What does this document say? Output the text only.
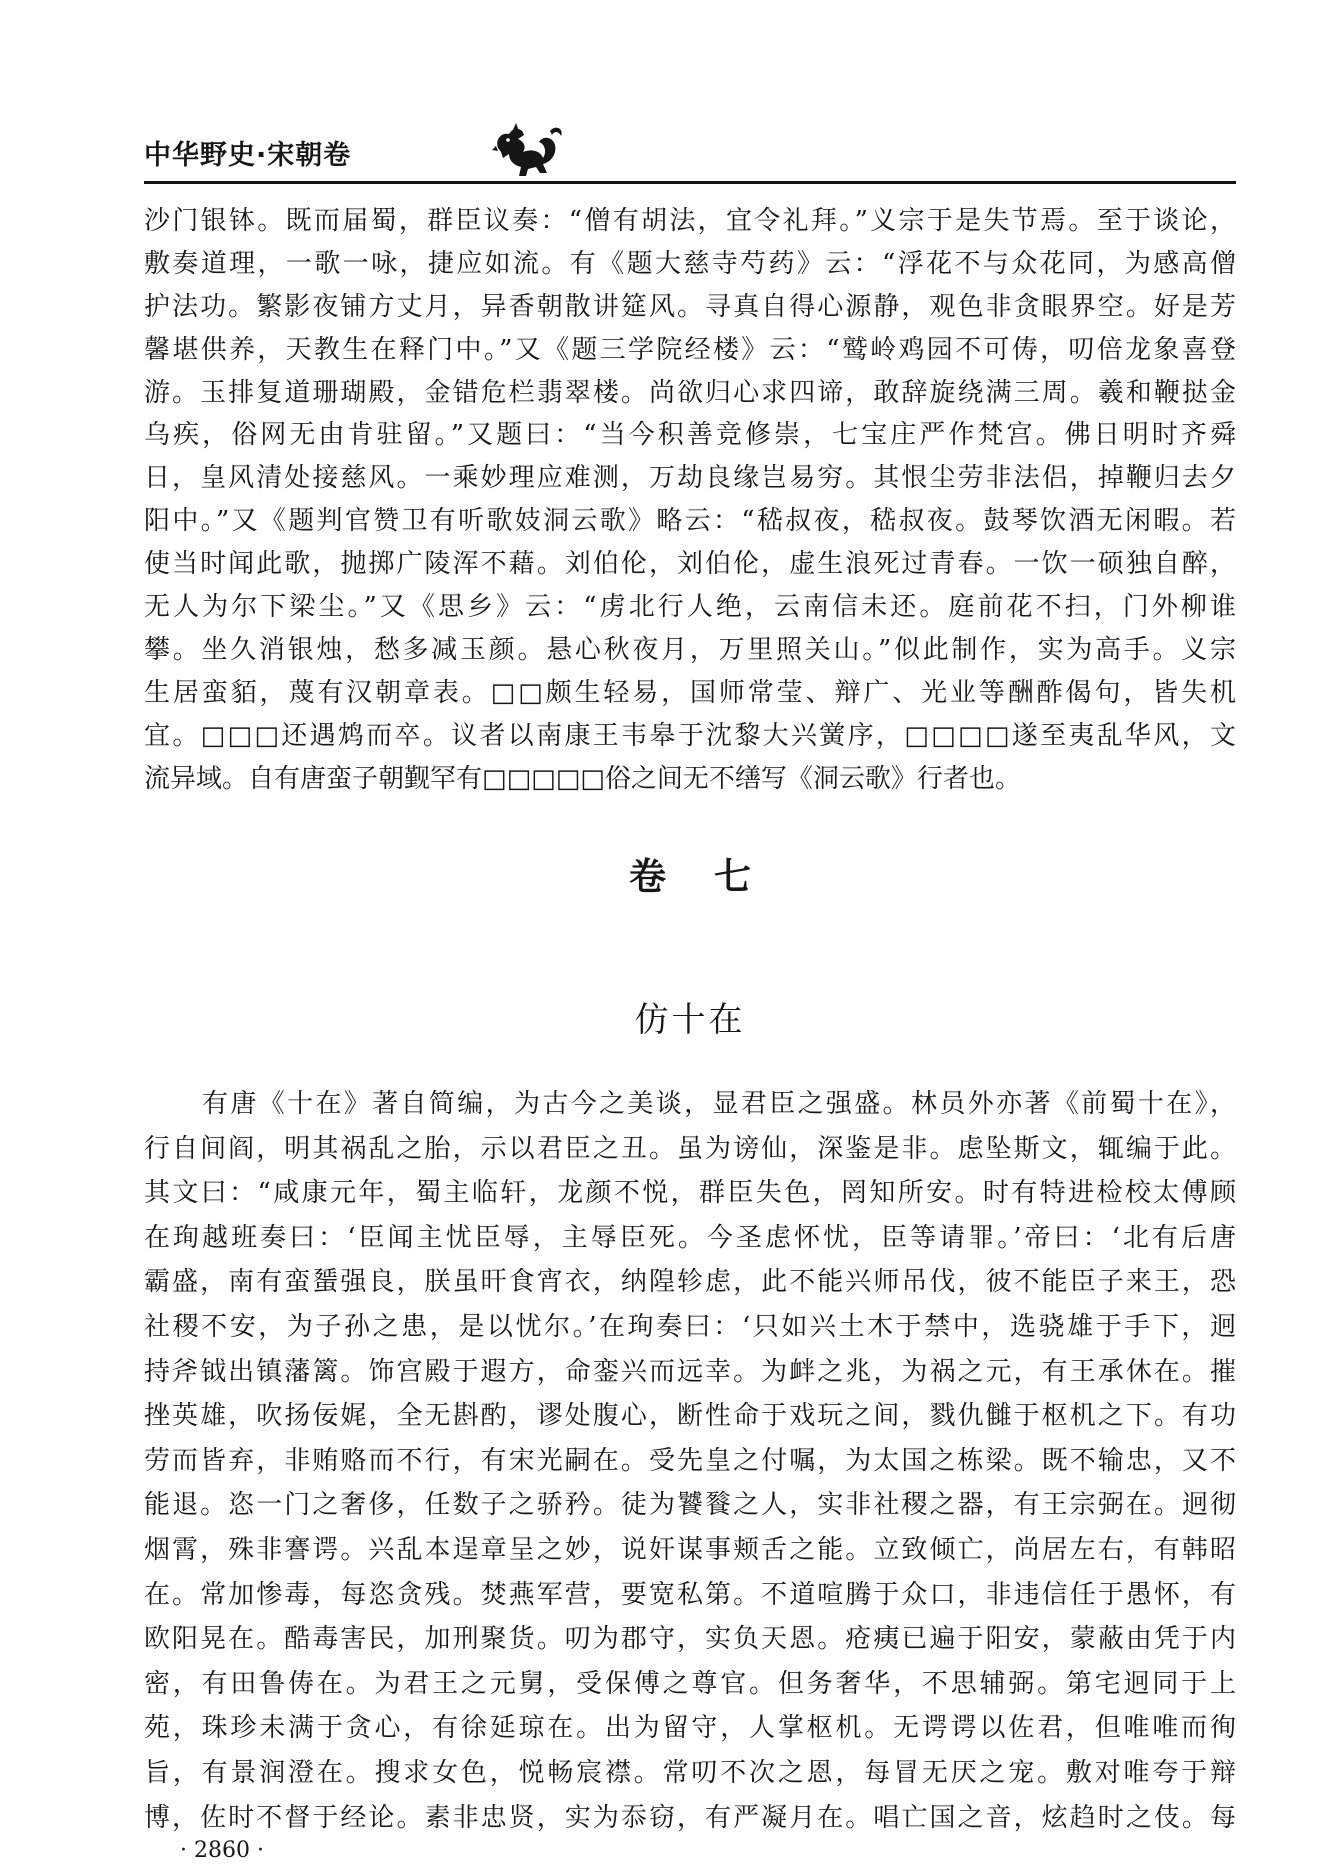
中华野史·宋朝卷
沙门银钵。既而届蜀，群臣议奏：“僧有胡法，宜令礼拜。”义宗于是失节焉。至于谈论，
敷奏道理，一歌一咏，捷应如流。有《题大慈寺芍药》云：“浮花不与众花同，为感高僧
护法功。繁影夜铺方丈月，异香朝散讲筵风。寻真自得心源静，观色非贪眼界空。好是芳
馨堪供养，天教生在释门中。”又《题三学院经楼》云：“鹫岭鸡园不可俦，叨倍龙象喜登
游。玉排复道珊瑚殿，金错危栏翡翠楼。尚欲归心求四谛，敢辞旋绕满三周。羲和鞭挞金
乌疾，俗网无由肯驻留。”又题曰：“当今积善竞修崇，七宝庄严作梵宫。佛日明时齐舜
日，皇风清处接慈风。一乘妙理应难测，万劫良缘岂易穷。其恨尘劳非法侣，掉鞭归去夕
阳中。”又《题判官赞卫有听歌妓洞云歌》略云：“嵇叔夜，嵇叔夜。鼓琴饮酒无闲暇。若
使当时闻此歌，抛掷广陵浑不藉。刘伯伦，刘伯伦，虚生浪死过青春。一饮一硕独自醉，
无人为尔下梁尘。”又《思乡》云：“虏北行人绝，云南信未还。庭前花不扫，门外柳谁
攀。坐久消银烛，愁多减玉颜。悬心秋夜月，万里照关山。”似此制作，实为高手。义宗
生居蛮貊，蔑有汉朝章表。□□颇生轻易，国师常莹、辩广、光业等酬酢偈句，皆失机
宜。□□□还遇鸩而卒。议者以南康王韦皋于沈黎大兴黉序，□□□□遂至夷乱华风，文
流异域。自有唐蛮子朝觐罕有□□□□□俗之间无不缮写《洞云歌》行者也。
卷七
仿十在
有唐《十在》著自简编，为古今之美谈，显君臣之强盛。林员外亦著《前蜀十在》，
行自间阎，明其祸乱之胎，示以君臣之丑。虽为谤仙，深鉴是非。虑坠斯文，辄编于此。
其文曰：“咸康元年，蜀主临轩，龙颜不悦，群臣失色，罔知所安。时有特进检校太傅顾
在珣越班奏曰：‘臣闻主忧臣辱，主辱臣死。今圣虑怀忧，臣等请罪。’帝曰：‘北有后唐
霸盛，南有蛮蜑强良，朕虽旰食宵衣，纳隍轸虑，此不能兴师吊伐，彼不能臣子来王，恐
社稷不安，为子孙之患，是以忧尔。’在珣奏曰：‘只如兴土木于禁中，选骁雄于手下，迥
持斧钺出镇藩篱。饰宫殿于遐方，命銮兴而远幸。为衅之兆，为祸之元，有王承休在。摧
挫英雄，吹扬佞娓，全无斟酌，谬处腹心，断性命于戏玩之间，戮仇雠于枢机之下。有功
劳而皆弃，非贿赂而不行，有宋光嗣在。受先皇之付嘱，为太国之栋梁。既不输忠，又不
能退。恣一门之奢侈，任数子之骄矜。徒为饕餮之人，实非社稷之器，有王宗弼在。迥彻
烟霄，殊非謇谔。兴乱本逞章呈之妙，说奸谋事颊舌之能。立致倾亡，尚居左右，有韩昭
在。常加惨毒，每恣贪残。焚燕军营，要宽私第。不道喧腾于众口，非违信任于愚怀，有
欧阳晃在。酷毒害民，加刑聚货。叨为郡守，实负天恩。疮痍已遍于阳安，蒙蔽由凭于内
密，有田鲁俦在。为君王之元舅，受保傅之尊官。但务奢华，不思辅弼。第宅迥同于上
苑，珠珍未满于贪心，有徐延琼在。出为留守，人掌枢机。无谔谔以佐君，但唯唯而徇
旨，有景润澄在。搜求女色，悦畅宸襟。常叨不次之恩，每冒无厌之宠。敷对唯夸于辩
博，佐时不督于经论。素非忠贤，实为忝窃，有严凝月在。唱亡国之音，炫趋时之伎。每
· 2860 ·
